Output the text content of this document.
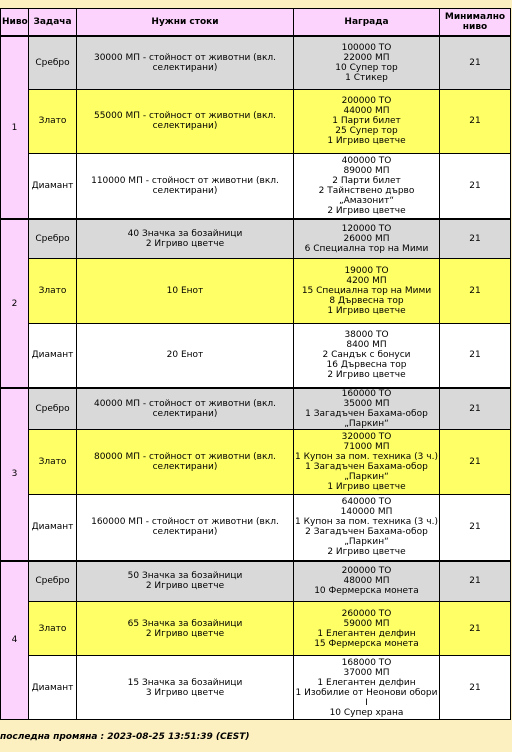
Ниво	Задача	Нужни стоки	Награда	Минимално ниво
1	Сребро	30000 МП - стойност от животни (вкл. селектирани)	100000 ТО
22000 МП
10 Супер тор
1 Стикер	21
	Злато	55000 МП - стойност от животни (вкл. селектирани)	200000 ТО
44000 МП
1 Парти билет
25 Супер тор
1 Игриво цветче	21
	Диамант	110000 МП - стойност от животни (вкл. селектирани)	400000 ТО
89000 МП
2 Парти билет
2 Тайнствено дърво „Амазонит“
2 Игриво цветче	21
2	Сребро	40 Значка за бозайници
2 Игриво цветче	120000 ТО
26000 МП
6 Специална тор на Мими	21
	Злато	10 Енот	19000 ТО
4200 МП
15 Специална тор на Мими
8 Дървесна тор
1 Игриво цветче	21
	Диамант	20 Енот	38000 ТО
8400 МП
2 Сандък с бонуси
16 Дървесна тор
2 Игриво цветче	21
3	Сребро	40000 МП - стойност от животни (вкл. селектирани)	160000 ТО
35000 МП
1 Загадъчен Бахама-обор „Паркин“	21
	Злато	80000 МП - стойност от животни (вкл. селектирани)	320000 ТО
71000 МП
1 Купон за пом. техника (3 ч.)
1 Загадъчен Бахама-обор „Паркин“
1 Игриво цветче	21
	Диамант	160000 МП - стойност от животни (вкл. селектирани)	640000 ТО
140000 МП
1 Купон за пом. техника (3 ч.)
2 Загадъчен Бахама-обор „Паркин“
2 Игриво цветче	21
4	Сребро	50 Значка за бозайници
2 Игриво цветче	200000 ТО
48000 МП
10 Фермерска монета	21
	Злато	65 Значка за бозайници
2 Игриво цветче	260000 ТО
59000 МП
1 Елегантен делфин
15 Фермерска монета	21
	Диамант	15 Значка за бозайници
3 Игриво цветче	168000 ТО
37000 МП
1 Елегантен делфин
1 Изобилие от Неонови обори I
10 Супер храна	21
последна промяна : 2023-08-25 13:51:39 (CEST)
